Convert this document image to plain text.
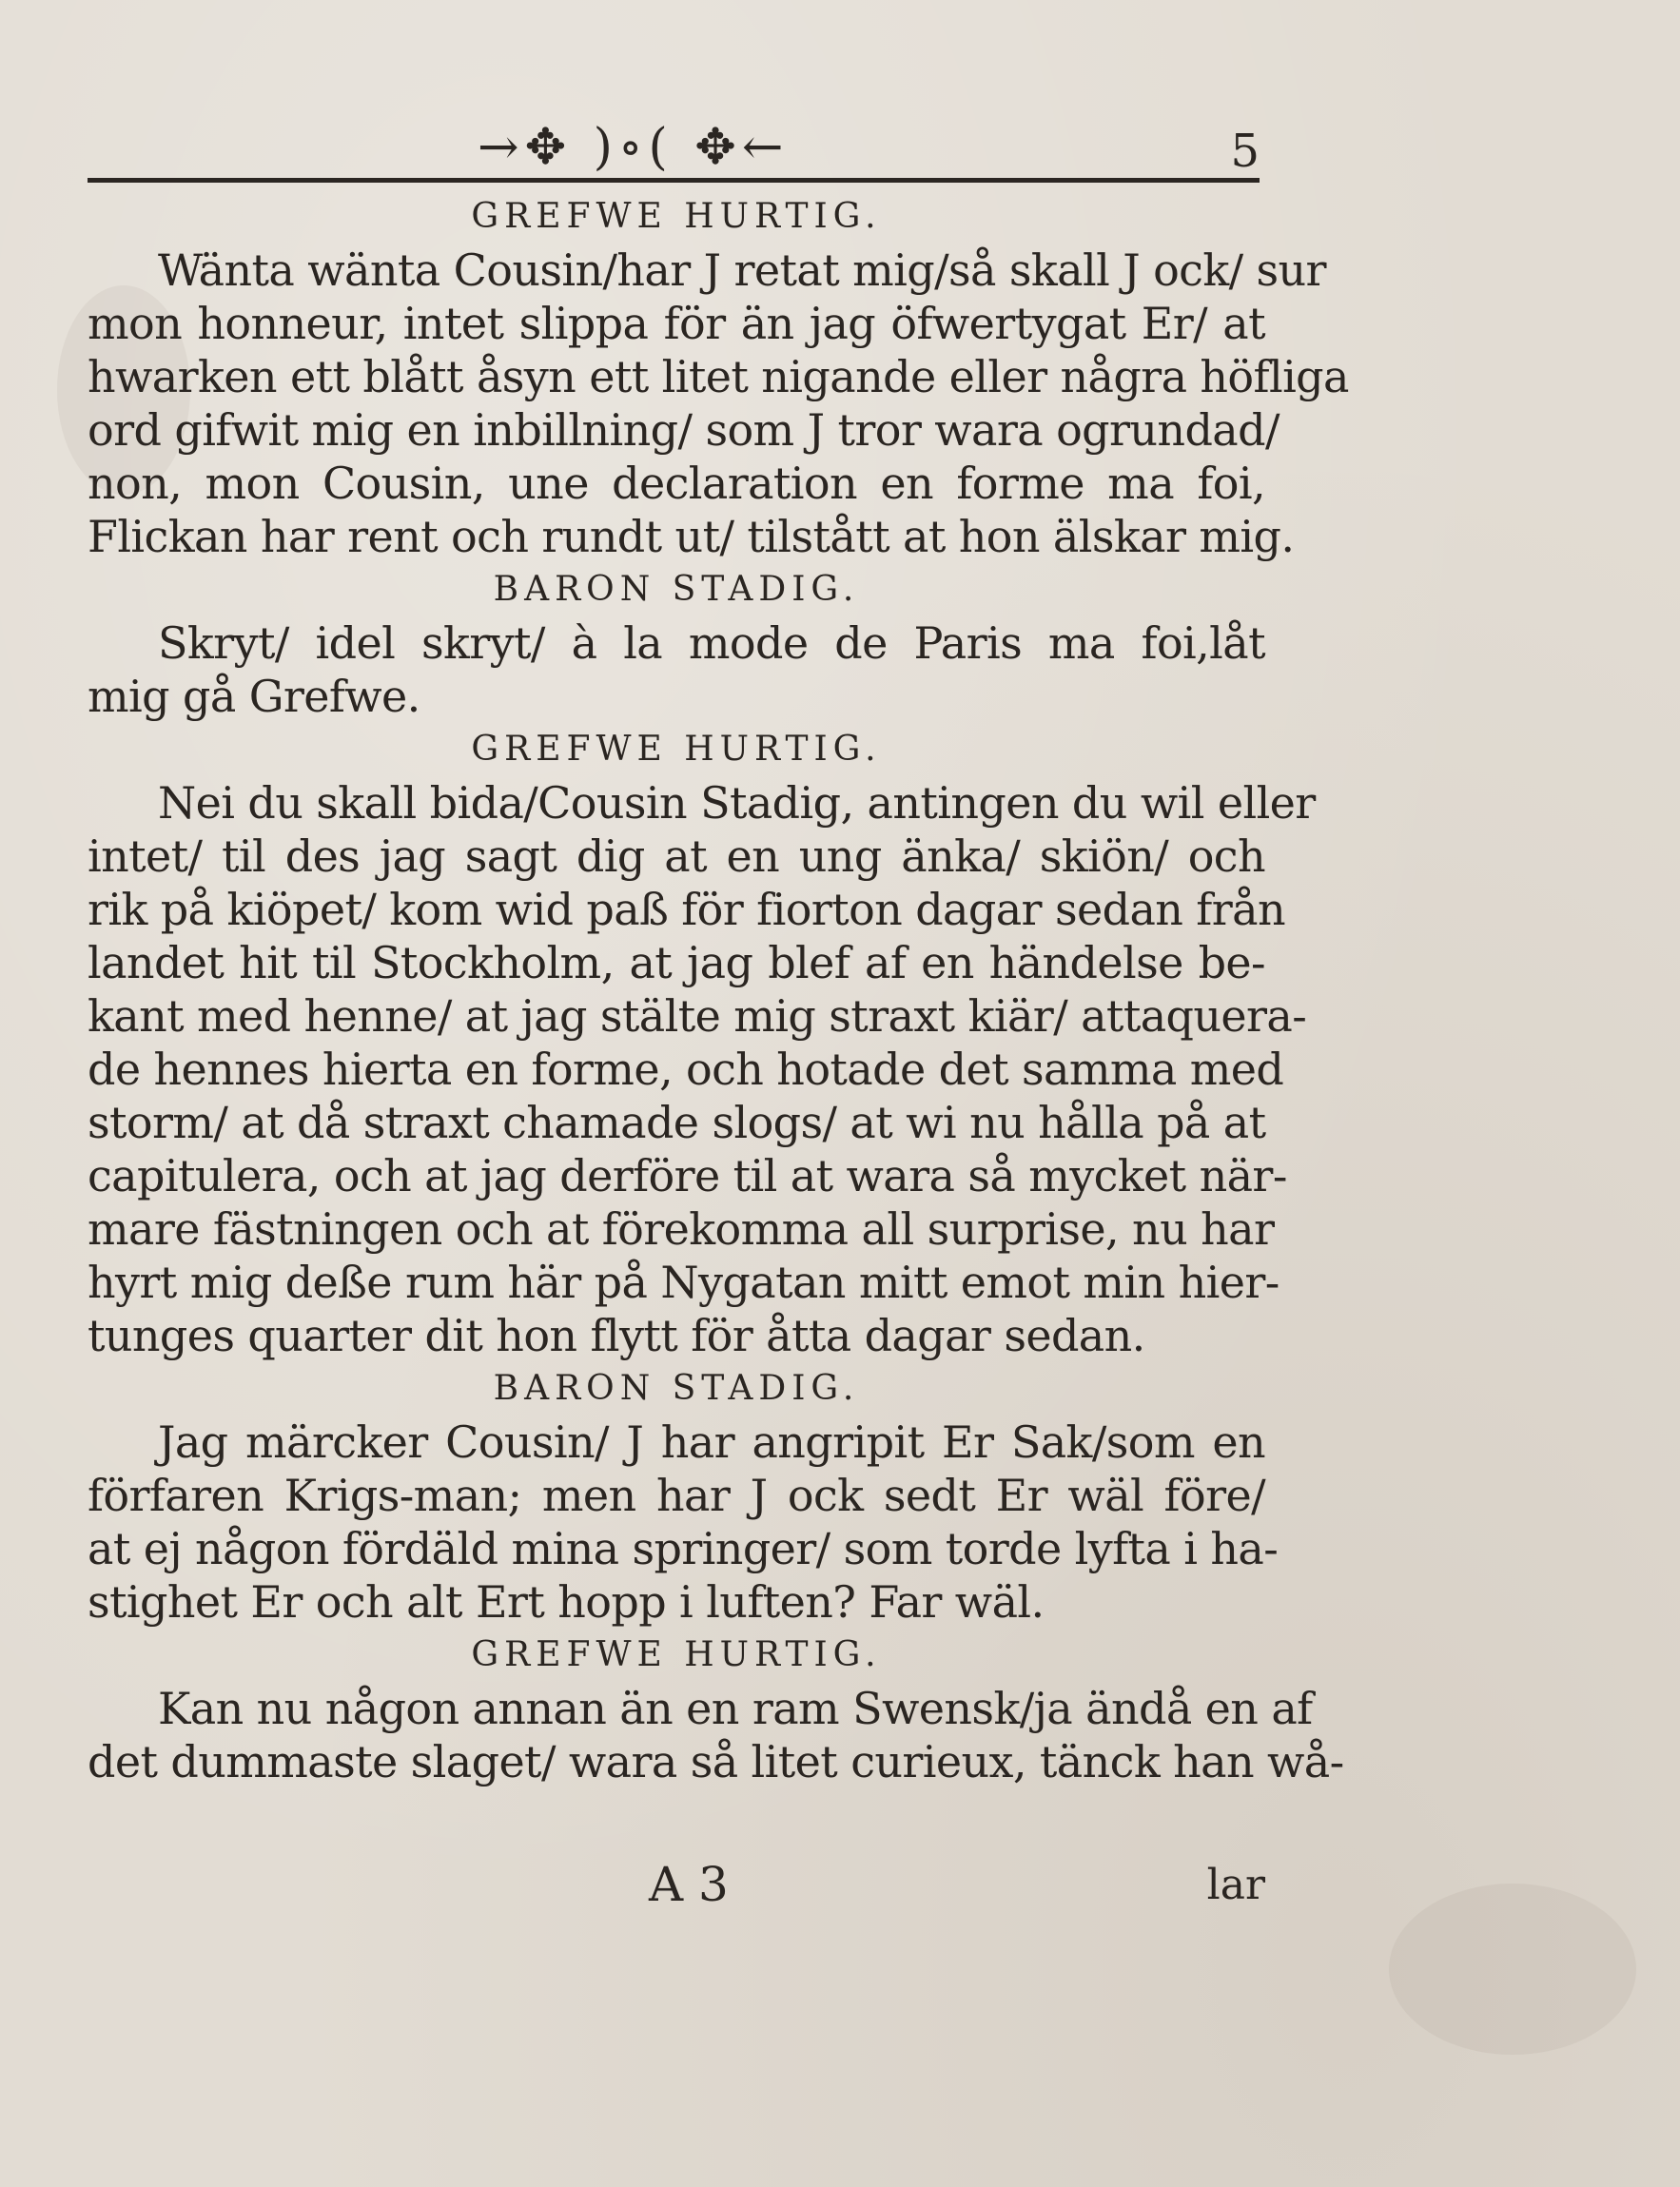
→✥ )∘( ✥←	5
GREFWE HURTIG.
Wänta wänta Cousin/har J retat mig/så skall J ock/ sur
mon honneur, intet slippa för än jag öfwertygat Er/ at
hwarken ett blått åsyn ett litet nigande eller några höfliga
ord gifwit mig en inbillning/ som J tror wara ogrundad/
non, mon Cousin, une declaration en forme ma foi,
Flickan har rent och rundt ut/ tilstått at hon älskar mig.
BARON STADIG.
Skryt/ idel skryt/ à la mode de Paris ma foi,låt
mig gå Grefwe.
GREFWE HURTIG.
Nei du skall bida/Cousin Stadig, antingen du wil eller
intet/ til des jag sagt dig at en ung änka/ skiön/ och
rik på kiöpet/ kom wid paß för fiorton dagar sedan från
landet hit til Stockholm, at jag blef af en händelse be-
kant med henne/ at jag stälte mig straxt kiär/ attaquera-
de hennes hierta en forme, och hotade det samma med
storm/ at då straxt chamade slogs/ at wi nu hålla på at
capitulera, och at jag derföre til at wara så mycket när-
mare fästningen och at förekomma all surprise, nu har
hyrt mig deße rum här på Nygatan mitt emot min hier-
tunges quarter dit hon flytt för åtta dagar sedan.
BARON STADIG.
Jag märcker Cousin/ J har angripit Er Sak/som en
förfaren Krigs-man; men har J ock sedt Er wäl före/
at ej någon fördäld mina springer/ som torde lyfta i ha-
stighet Er och alt Ert hopp i luften? Far wäl.
GREFWE HURTIG.
Kan nu någon annan än en ram Swensk/ja ändå en af
det dummaste slaget/ wara så litet curieux, tänck han wå-
A 3	lar
